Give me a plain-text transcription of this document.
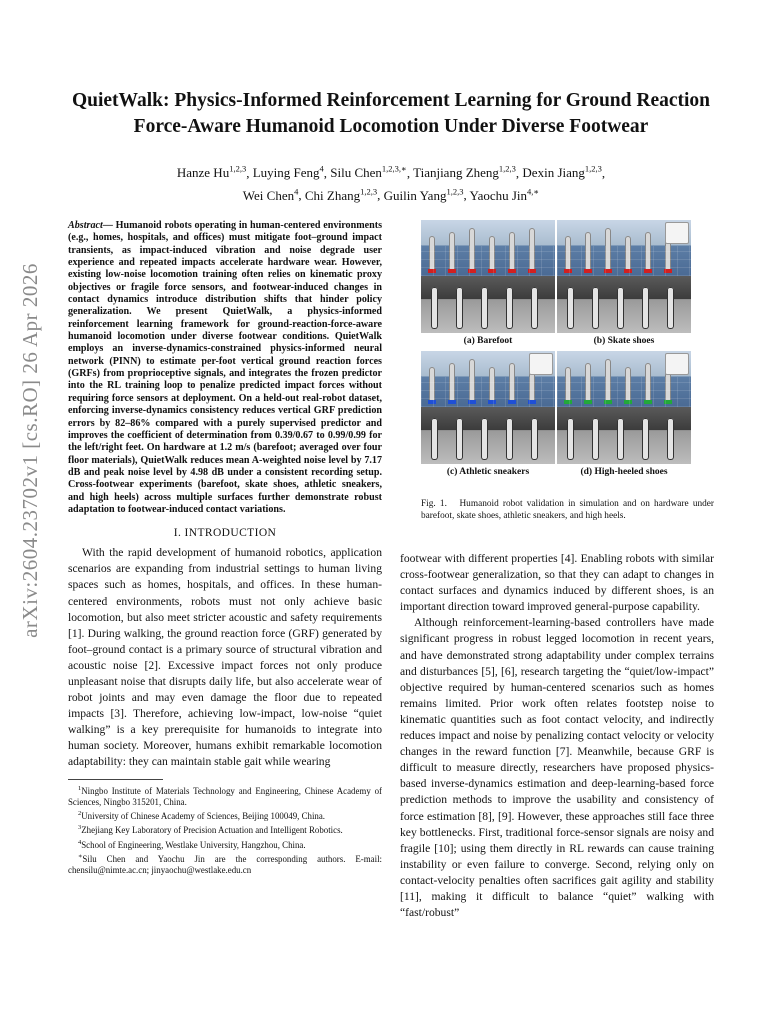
arXiv:2604.23702v1 [cs.RO] 26 Apr 2026
QuietWalk: Physics-Informed Reinforcement Learning for Ground Reaction Force-Aware Humanoid Locomotion Under Diverse Footwear
Hanze Hu$^{1,2,3}$, Luying Feng$^4$, Silu Chen$^{1,2,3,∗}$, Tianjiang Zheng$^{1,2,3}$, Dexin Jiang$^{1,2,3}$,
Wei Chen$^4$, Chi Zhang$^{1,2,3}$, Guilin Yang$^{1,2,3}$, Yaochu Jin$^{4,∗}$

Abstract— Humanoid robots operating in human-centered environments (e.g., homes, hospitals, and offices) must mitigate foot–ground impact transients, as impact-induced vibration and noise degrade user experience and repeated impacts accelerate hardware wear. However, existing low-noise locomotion training often relies on kinematic proxy objectives or fragile force sensors, and footwear-induced changes in contact dynamics introduce distribution shifts that hinder policy generalization. We present QuietWalk, a physics-informed reinforcement learning framework for ground-reaction-force-aware humanoid locomotion under diverse footwear conditions. QuietWalk employs an inverse-dynamics-constrained physics-informed neural network (PINN) to estimate per-foot vertical ground reaction forces (GRFs) from proprioceptive signals, and integrates the frozen predictor into the RL training loop to penalize predicted impact forces without requiring force sensors at deployment. On a held-out real-robot dataset, enforcing inverse-dynamics consistency reduces vertical GRF prediction errors by 82–86% compared with a purely supervised predictor and improves the coefficient of determination from 0.39/0.67 to 0.99/0.99 for the left/right feet. On hardware at 1.2 m/s (barefoot; averaged over four floor materials), QuietWalk reduces mean A-weighted noise level by 7.17 dB and peak noise level by 4.98 dB under a consistent recording setup. Cross-footwear experiments (barefoot, skate shoes, athletic sneakers, and high heels) across multiple surfaces further demonstrate robust adaptation to footwear-induced contact variations.

I. INTRODUCTION

With the rapid development of humanoid robotics, application scenarios are expanding from industrial settings to human living spaces such as homes, hospitals, and offices. In these human-centered environments, robots must not only achieve basic locomotion, but also meet stricter acoustic and safety requirements [1]. During walking, the ground reaction force (GRF) generated by foot–ground contact is a primary source of structural vibration and acoustic noise [2]. Excessive impact forces not only produce unpleasant noise that disrupts daily life, but also accelerate wear of robot joints and may even damage the floor due to repeated impacts [3]. Therefore, achieving low-impact, low-noise “quiet walking” is a key prerequisite for humanoids to integrate into human society. Moreover, humans exhibit remarkable locomotion adaptability: they can maintain stable gait while wearing

$^1$Ningbo Institute of Materials Technology and Engineering, Chinese Academy of Sciences, Ningbo 315201, China.
$^2$University of Chinese Academy of Sciences, Beijing 100049, China.
$^3$Zhejiang Key Laboratory of Precision Actuation and Intelligent Robotics.
$^4$School of Engineering, Westlake University, Hangzhou, China.
∗Silu Chen and Yaochu Jin are the corresponding authors. E-mail: chensilu@nimte.ac.cn; jinyaochu@westlake.edu.cn
(a) Barefoot	(b) Skate shoes
(c) Athletic sneakers	(d) High-heeled shoes
Fig. 1. Humanoid robot validation in simulation and on hardware under barefoot, skate shoes, athletic sneakers, and high heels.

footwear with different properties [4]. Enabling robots with similar cross-footwear generalization, so that they can adapt to changes in contact surfaces and dynamics induced by different shoes, is an important direction toward improved general-purpose capability.

Although reinforcement-learning-based controllers have made significant progress in robust legged locomotion in recent years, and have demonstrated strong adaptability under complex terrains and disturbances [5], [6], research targeting the “quiet/low-impact” objective required by human-centered scenarios such as homes remains limited. Prior work often relates footstep noise to kinematic quantities such as foot contact velocity, and indirectly reduces impact and noise by penalizing contact velocity or velocity changes in the reward function [7]. Meanwhile, because GRF is difficult to measure directly, researchers have proposed physics-based inverse-dynamics estimation and deep-learning-based force prediction methods to improve the usability and consistency of force estimation [8], [9]. However, these approaches still face three key bottlenecks. First, traditional force-sensor signals are noisy and fragile [10]; using them directly in RL rewards can cause training instability or even failure to converge. Second, relying only on contact-velocity penalties often sacrifices gait agility and stability [11], making it difficult to balance “quiet” walking with “fast/robust”
